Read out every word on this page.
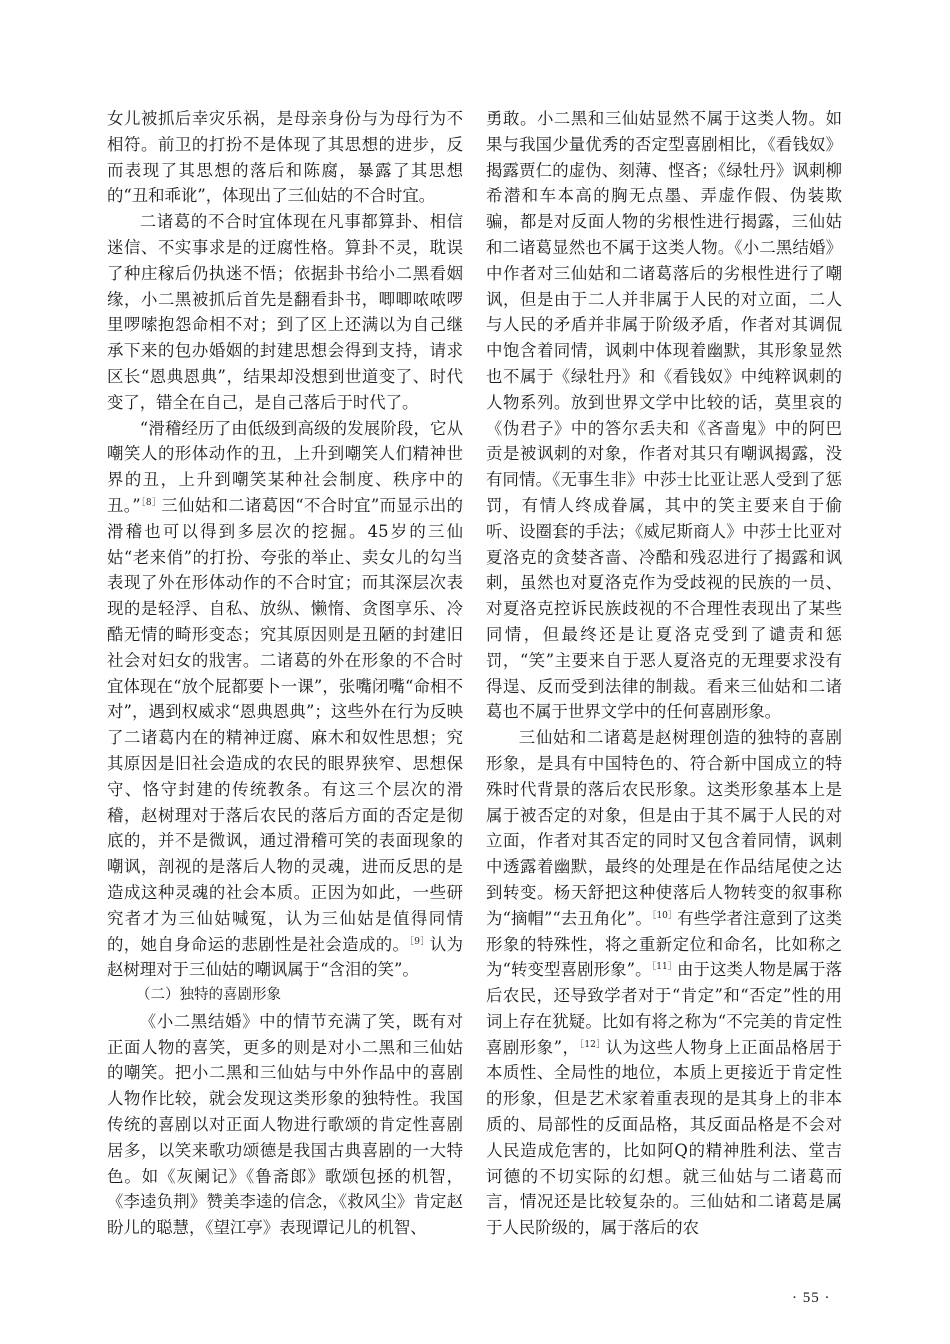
女儿被抓后幸灾乐祸，是母亲身份与为母行为不相符。前卫的打扮不是体现了其思想的进步，反而表现了其思想的落后和陈腐，暴露了其思想的“丑和乖讹”，体现出了三仙姑的不合时宜。

二诸葛的不合时宜体现在凡事都算卦、相信迷信、不实事求是的迂腐性格。算卦不灵，耽误了种庄稼后仍执迷不悟；依据卦书给小二黑看姻缘，小二黑被抓后首先是翻看卦书，唧唧哝哝啰里啰嗦抱怨命相不对；到了区上还满以为自己继承下来的包办婚姻的封建思想会得到支持，请求区长“恩典恩典”，结果却没想到世道变了、时代变了，错全在自己，是自己落后于时代了。

“滑稽经历了由低级到高级的发展阶段，它从嘲笑人的形体动作的丑，上升到嘲笑人们精神世界的丑，上升到嘲笑某种社会制度、秩序中的丑。”$^{[8]}$三仙姑和二诸葛因“不合时宜”而显示出的滑稽也可以得到多层次的挖掘。45岁的三仙姑“老来俏”的打扮、夸张的举止、卖女儿的勾当表现了外在形体动作的不合时宜；而其深层次表现的是轻浮、自私、放纵、懒惰、贪图享乐、冷酷无情的畸形变态；究其原因则是丑陋的封建旧社会对妇女的戕害。二诸葛的外在形象的不合时宜体现在“放个屁都要卜一课”，张嘴闭嘴“命相不对”，遇到权威求“恩典恩典”；这些外在行为反映了二诸葛内在的精神迂腐、麻木和奴性思想；究其原因是旧社会造成的农民的眼界狭窄、思想保守、恪守封建的传统教条。有这三个层次的滑稽，赵树理对于落后农民的落后方面的否定是彻底的，并不是微讽，通过滑稽可笑的表面现象的嘲讽，剖视的是落后人物的灵魂，进而反思的是造成这种灵魂的社会本质。正因为如此，一些研究者才为三仙姑喊冤，认为三仙姑是值得同情的，她自身命运的悲剧性是社会造成的。$^{[9]}$认为赵树理对于三仙姑的嘲讽属于“含泪的笑”。

（二）独特的喜剧形象

《小二黑结婚》中的情节充满了笑，既有对正面人物的喜笑，更多的则是对小二黑和三仙姑的嘲笑。把小二黑和三仙姑与中外作品中的喜剧人物作比较，就会发现这类形象的独特性。我国传统的喜剧以对正面人物进行歌颂的肯定性喜剧居多，以笑来歌功颂德是我国古典喜剧的一大特色。如《灰阑记》《鲁斋郎》歌颂包拯的机智，《李逵负荆》赞美李逵的信念，《救风尘》肯定赵盼儿的聪慧，《望江亭》表现谭记儿的机智、

勇敢。小二黑和三仙姑显然不属于这类人物。如果与我国少量优秀的否定型喜剧相比，《看钱奴》揭露贾仁的虚伪、刻薄、悭吝；《绿牡丹》讽刺柳希潜和车本高的胸无点墨、弄虚作假、伪装欺骗，都是对反面人物的劣根性进行揭露，三仙姑和二诸葛显然也不属于这类人物。《小二黑结婚》中作者对三仙姑和二诸葛落后的劣根性进行了嘲讽，但是由于二人并非属于人民的对立面，二人与人民的矛盾并非属于阶级矛盾，作者对其调侃中饱含着同情，讽刺中体现着幽默，其形象显然也不属于《绿牡丹》和《看钱奴》中纯粹讽刺的人物系列。放到世界文学中比较的话，莫里哀的《伪君子》中的答尔丢夫和《吝啬鬼》中的阿巴贡是被讽刺的对象，作者对其只有嘲讽揭露，没有同情。《无事生非》中莎士比亚让恶人受到了惩罚，有情人终成眷属，其中的笑主要来自于偷听、设圈套的手法；《威尼斯商人》中莎士比亚对夏洛克的贪婪吝啬、冷酷和残忍进行了揭露和讽刺，虽然也对夏洛克作为受歧视的民族的一员、对夏洛克控诉民族歧视的不合理性表现出了某些同情，但最终还是让夏洛克受到了谴责和惩罚，“笑”主要来自于恶人夏洛克的无理要求没有得逞、反而受到法律的制裁。看来三仙姑和二诸葛也不属于世界文学中的任何喜剧形象。

三仙姑和二诸葛是赵树理创造的独特的喜剧形象，是具有中国特色的、符合新中国成立的特殊时代背景的落后农民形象。这类形象基本上是属于被否定的对象，但是由于其不属于人民的对立面，作者对其否定的同时又包含着同情，讽刺中透露着幽默，最终的处理是在作品结尾使之达到转变。杨天舒把这种使落后人物转变的叙事称为“摘帽”“去丑角化”。$^{[10]}$有些学者注意到了这类形象的特殊性，将之重新定位和命名，比如称之为“转变型喜剧形象”。$^{[11]}$由于这类人物是属于落后农民，还导致学者对于“肯定”和“否定”性的用词上存在犹疑。比如有将之称为“不完美的肯定性喜剧形象”，$^{[12]}$认为这些人物身上正面品格居于本质性、全局性的地位，本质上更接近于肯定性的形象，但是艺术家着重表现的是其身上的非本质的、局部性的反面品格，其反面品格是不会对人民造成危害的，比如阿Q的精神胜利法、堂吉诃德的不切实际的幻想。就三仙姑与二诸葛而言，情况还是比较复杂的。三仙姑和二诸葛是属于人民阶级的，属于落后的农

· 55 ·
